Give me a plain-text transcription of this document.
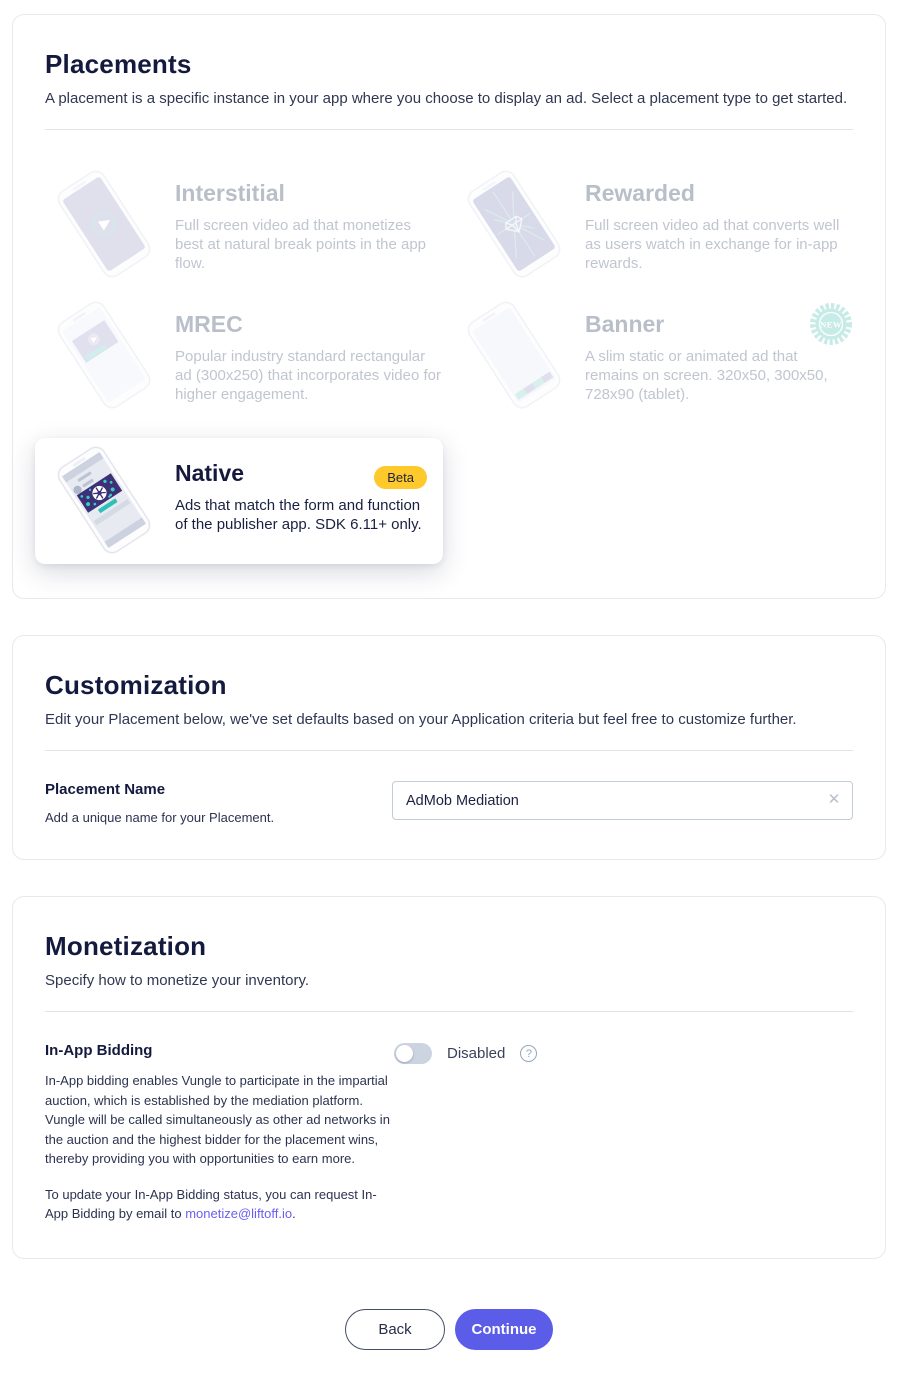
Placements

A placement is a specific instance in your app where you choose to display an ad. Select a placement type to get started.

Interstitial

Full screen video ad that monetizes best at natural break points in the app flow.

Rewarded

Full screen video ad that converts well as users watch in exchange for in-app rewards.

MREC

Popular industry standard rectangular ad (300x250) that incorporates video for higher engagement.

Banner	NEW

A slim static or animated ad that remains on screen. 320x50, 300x50, 728x90 (tablet).

Native	Beta

Ads that match the form and function of the publisher app. SDK 6.11+ only.

Customization

Edit your Placement below, we've set defaults based on your Application criteria but feel free to customize further.

Placement Name

Add a unique name for your Placement.

AdMob Mediation
✕
Monetization

Specify how to monetize your inventory.

In-App Bidding

In-App bidding enables Vungle to participate in the impartial auction, which is established by the mediation platform. Vungle will be called simultaneously as other ad networks in the auction and the highest bidder for the placement wins, thereby providing you with opportunities to earn more.

To update your In-App Bidding status, you can request In-App Bidding by email to monetize@liftoff.io.

Disabled	?
Back	Continue
